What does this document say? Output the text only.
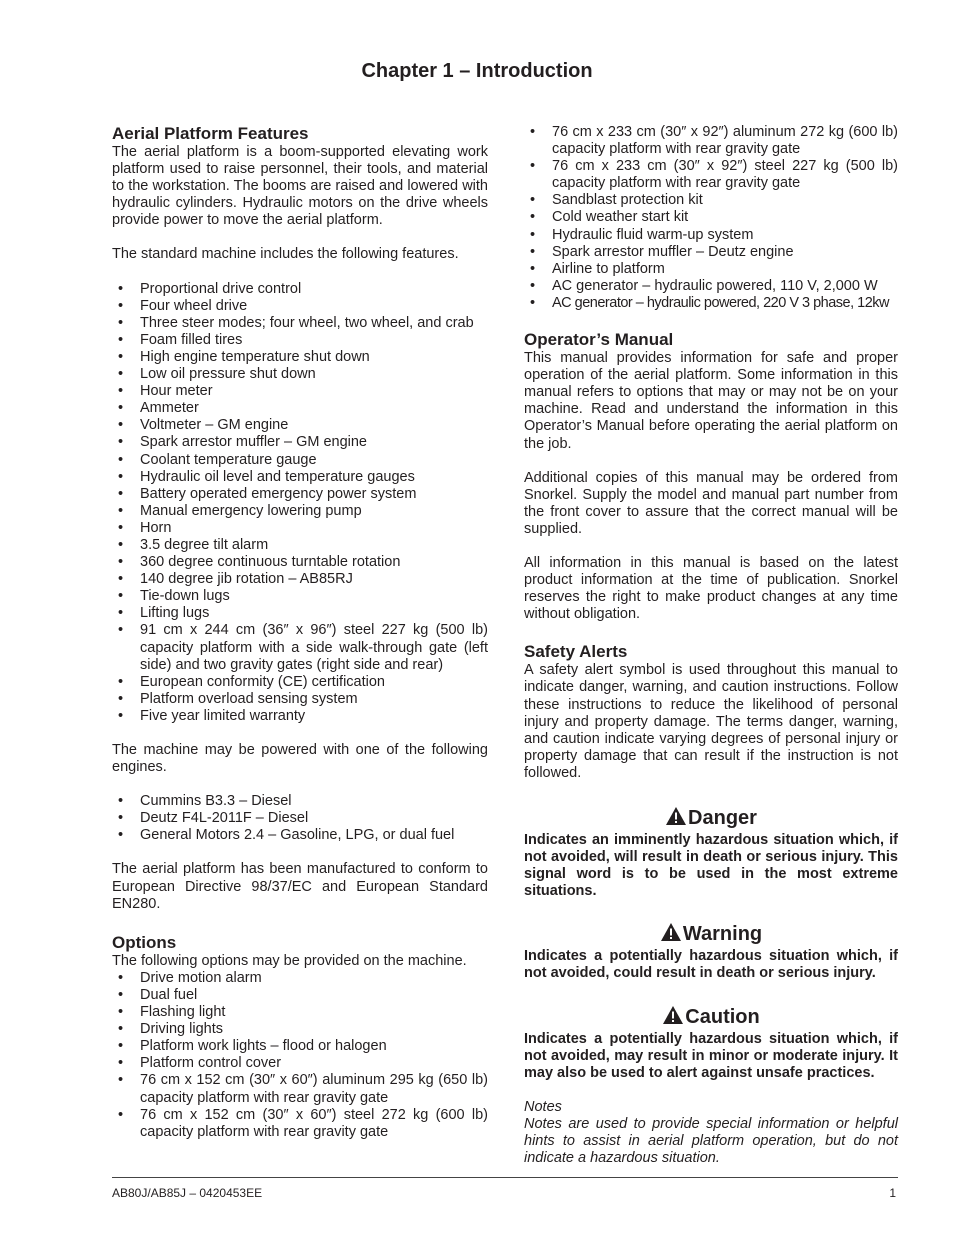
Chapter 1 – Introduction
Aerial Platform Features

The aerial platform is a boom-supported elevating work platform used to raise personnel, their tools, and material to the workstation. The booms are raised and lowered with hydraulic cylinders. Hydraulic motors on the drive wheels provide power to move the aerial platform.

The standard machine includes the following features.

• Proportional drive control
• Four wheel drive
• Three steer modes; four wheel, two wheel, and crab
• Foam filled tires
• High engine temperature shut down
• Low oil pressure shut down
• Hour meter
• Ammeter
• Voltmeter – GM engine
• Spark arrestor muffler – GM engine
• Coolant temperature gauge
• Hydraulic oil level and temperature gauges
• Battery operated emergency power system
• Manual emergency lowering pump
• Horn
• 3.5 degree tilt alarm
• 360 degree continuous turntable rotation
• 140 degree jib rotation – AB85RJ
• Tie-down lugs
• Lifting lugs
• 91 cm x 244 cm (36″ x 96″) steel 227 kg (500 lb) capacity platform with a side walk-through gate (left side) and two gravity gates (right side and rear)
• European conformity (CE) certification
• Platform overload sensing system
• Five year limited warranty

The machine may be powered with one of the following engines.

• Cummins B3.3 – Diesel
• Deutz F4L-2011F – Diesel
• General Motors 2.4 – Gasoline, LPG, or dual fuel

The aerial platform has been manufactured to conform to European Directive 98/37/EC and European Standard EN280.

Options

The following options may be provided on the machine.

• Drive motion alarm
• Dual fuel
• Flashing light
• Driving lights
• Platform work lights – flood or halogen
• Platform control cover
• 76 cm x 152 cm (30″ x 60″) aluminum 295 kg (650 lb) capacity platform with rear gravity gate
• 76 cm x 152 cm (30″ x 60″) steel 272 kg (600 lb) capacity platform with rear gravity gate
• 76 cm x 233 cm (30″ x 92″) aluminum 272 kg (600 lb) capacity platform with rear gravity gate
• 76 cm x 233 cm (30″ x 92″) steel 227 kg (500 lb) capacity platform with rear gravity gate
• Sandblast protection kit
• Cold weather start kit
• Hydraulic fluid warm-up system
• Spark arrestor muffler – Deutz engine
• Airline to platform
• AC generator – hydraulic powered, 110 V, 2,000 W
• AC generator – hydraulic powered, 220 V 3 phase, 12kw
Operator’s Manual

This manual provides information for safe and proper operation of the aerial platform. Some information in this manual refers to options that may or may not be on your machine. Read and understand the information in this Operator’s Manual before operating the aerial platform on the job.

Additional copies of this manual may be ordered from Snorkel. Supply the model and manual part number from the front cover to assure that the correct manual will be supplied.

All information in this manual is based on the latest product information at the time of publication. Snorkel reserves the right to make product changes at any time without obligation.

Safety Alerts

A safety alert symbol is used throughout this manual to indicate danger, warning, and caution instructions. Follow these instructions to reduce the likelihood of personal injury and property damage. The terms danger, warning, and caution indicate varying degrees of personal injury or property damage that can result if the instruction is not followed.

Danger

Indicates an imminently hazardous situation which, if not avoided, will result in death or serious injury. This signal word is to be used in the most extreme situations.

Warning

Indicates a potentially hazardous situation which, if not avoided, could result in death or serious injury.

Caution

Indicates a potentially hazardous situation which, if not avoided, may result in minor or moderate injury. It may also be used to alert against unsafe practices.

Notes

Notes are used to provide special information or helpful hints to assist in aerial platform operation, but do not indicate a hazardous situation.

AB80J/AB85J – 0420453EE	1
